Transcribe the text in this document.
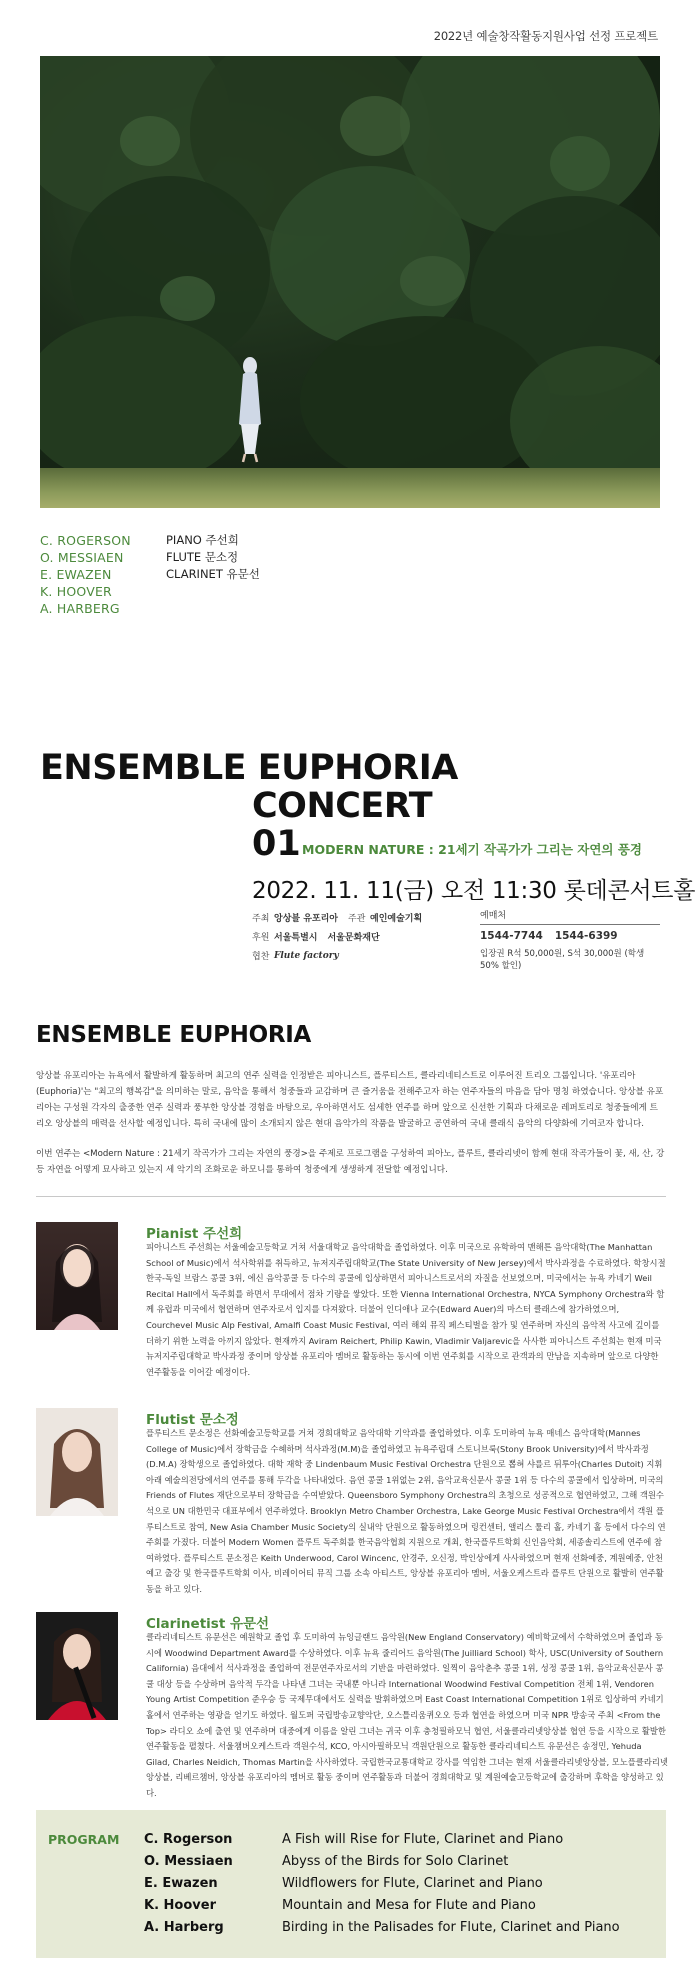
2022년 예술창작활동지원사업 선정 프로젝트
C. ROGERSON
O. MESSIAEN
E. EWAZEN
K. HOOVER
A. HARBERG
PIANO 주선희
FLUTE 문소정
CLARINET 유문선
ENSEMBLE EUPHORIA
CONCERT
01 MODERN NATURE : 21세기 작곡가가 그리는 자연의 풍경
2022. 11. 11(금) 오전 11:30 롯데콘서트홀
주최 앙상블 유포리아 주관 예인예술기획
후원 서울특별시 서울문화재단
협찬 Flute factory
예매처
1544-7744 1544-6399
입장권 R석 50,000원, S석 30,000원 (학생 50% 할인)
ENSEMBLE EUPHORIA

앙상블 유포리아는 뉴욕에서 활발하게 활동하며 최고의 연주 실력을 인정받은 피아니스트, 플루티스트, 클라리네티스트로 이루어진 트리오 그룹입니다. '유포리아(Euphoria)'는 "최고의 행복감"을 의미하는 말로, 음악을 통해서 청중들과 교감하며 큰 즐거움을 전해주고자 하는 연주자들의 마음을 담아 명칭 하였습니다. 앙상블 유포리아는 구성원 각자의 출중한 연주 실력과 풍부한 앙상블 경험을 바탕으로, 우아하면서도 섬세한 연주를 하며 앞으로 신선한 기획과 다채로운 레퍼토리로 청중들에게 트리오 앙상블의 매력을 선사할 예정입니다. 특히 국내에 많이 소개되지 않은 현대 음악가의 작품을 발굴하고 공연하여 국내 클래식 음악의 다양화에 기여코자 합니다.

이번 연주는 <Modern Nature : 21세기 작곡가가 그리는 자연의 풍경>을 주제로 프로그램을 구성하여 피아노, 플루트, 클라리넷이 함께 현대 작곡가들이 꽃, 새, 산, 강 등 자연을 어떻게 묘사하고 있는지 세 악기의 조화로운 하모니를 통하여 청중에게 생생하게 전달할 예정입니다.

Pianist 주선희

피아니스트 주선희는 서울예술고등학교 거쳐 서울대학교 음악대학을 졸업하였다. 이후 미국으로 유학하여 맨해튼 음악대학(The Manhattan School of Music)에서 석사학위를 취득하고, 뉴저지주립대학교(The State University of New Jersey)에서 박사과정을 수료하였다. 학창시절 한국-독일 브람스 콩쿨 3위, 에신 음악콩쿨 등 다수의 콩쿨에 입상하면서 피아니스트로서의 자질을 선보였으며, 미국에서는 뉴욕 카네기 Weil Recital Hall에서 독주회를 하면서 무대에서 점차 기량을 쌓았다. 또한 Vienna International Orchestra, NYCA Symphony Orchestra와 함께 유럽과 미국에서 협연하며 연주자로서 입지를 다져왔다. 더불어 인디애나 교수(Edward Auer)의 마스터 클래스에 참가하였으며, Courchevel Music Alp Festival, Amalfi Coast Music Festival, 여러 해외 뮤직 페스티벌을 참가 및 연주하며 자신의 음악적 사고에 깊이를 더하기 위한 노력을 아끼지 않았다. 현재까지 Aviram Reichert, Philip Kawin, Vladimir Valjarevic을 사사한 피아니스트 주선희는 현재 미국 뉴저지주립대학교 박사과정 중이며 앙상블 유포리아 멤버로 활동하는 동시에 이번 연주회를 시작으로 관객과의 만남을 지속하며 앞으로 다양한 연주활동을 이어갈 예정이다.

Flutist 문소정

플루티스트 문소정은 선화예술고등학교를 거쳐 경희대학교 음악대학 기악과를 졸업하였다. 이후 도미하여 뉴욕 매네스 음악대학(Mannes College of Music)에서 장학금을 수혜하며 석사과정(M.M)을 졸업하였고 뉴욕주립대 스토니브룩(Stony Brook University)에서 박사과정(D.M.A) 장학생으로 졸업하였다. 대학 재학 중 Lindenbaum Music Festival Orchestra 단원으로 뽑혀 샤를르 뒤투아(Charles Dutoit) 지휘 아래 예술의전당에서의 연주를 통해 두각을 나타내었다. 음연 콩쿨 1위없는 2위, 음악교육신문사 콩쿨 1위 등 다수의 콩쿨에서 입상하며, 미국의 Friends of Flutes 재단으로부터 장학금을 수여받았다. Queensboro Symphony Orchestra의 초청으로 성공적으로 협연하였고, 그해 객원수석으로 UN 대한민국 대표부에서 연주하였다. Brooklyn Metro Chamber Orchestra, Lake George Music Festival Orchestra에서 객원 플루티스트로 참여, New Asia Chamber Music Society의 실내악 단원으로 활동하였으며 링컨센터, 앨리스 툴리 홀, 카네기 홀 등에서 다수의 연주회를 가졌다. 더불어 Modern Women 플루트 독주회를 한국음악협회 지원으로 개최, 한국플루트학회 신인음악회, 세종솔리스트에 연주에 참여하였다. 플루티스트 문소정은 Keith Underwood, Carol Wincenc, 안경주, 오신정, 박인상에게 사사하였으며 현재 선화예중, 계원예중, 안천예고 출강 및 한국플루트학회 이사, 비레이어티 뮤직 그룹 소속 아티스트, 앙상블 유포리아 멤버, 서울오케스트라 플루트 단원으로 활발히 연주활동을 하고 있다.

Clarinetist 유문선

클라리네티스트 유문선은 예원학교 졸업 후 도미하여 뉴잉글랜드 음악원(New England Conservatory) 예비학교에서 수학하였으며 졸업과 동시에 Woodwind Department Award를 수상하였다. 이후 뉴욕 줄리어드 음악원(The Juilliard School) 학사, USC(University of Southern California) 음대에서 석사과정을 졸업하여 전문연주자로서의 기반을 마련하였다. 일찍이 음악춘추 콩쿨 1위, 성정 콩쿨 1위, 음악교육신문사 콩쿨 대상 등을 수상하며 음악적 두각을 나타낸 그녀는 국내뿐 아니라 International Woodwind Festival Competition 전체 1위, Vendoren Young Artist Competition 준우승 등 국제무대에서도 실력을 발휘하였으며 East Coast International Competition 1위로 입상하여 카네기 홀에서 연주하는 영광을 얻기도 하였다. 월도퍼 국립방송교향악단, 오스틀리움퀴오오 등과 협연을 하였으며 미국 NPR 방송국 주최 <From the Top> 라디오 쇼에 출연 및 연주하며 대중에게 이름을 알린 그녀는 귀국 이후 충청필하모닉 협연, 서울클라리넷앙상블 협연 등을 시작으로 활발한 연주활동을 펼쳤다. 서울챔버오케스트라 객원수석, KCO, 아시아필하모닉 객원단원으로 활동한 클라리네티스트 유문선은 송정민, Yehuda Gilad, Charles Neidich, Thomas Martin을 사사하였다. 국립한국교통대학교 강사를 역임한 그녀는 현재 서울클라리넷앙상블, 모노플클라리넷앙상블, 리베르챔버, 앙상블 유포리아의 멤버로 활동 중이며 연주활동과 더불어 경희대학교 및 계원예술고등학교에 출강하며 후학을 양성하고 있다.

PROGRAM C. Rogerson	A Fish will Rise for Flute, Clarinet and Piano
O. Messiaen	Abyss of the Birds for Solo Clarinet
E. Ewazen	Wildflowers for Flute, Clarinet and Piano
K. Hoover	Mountain and Mesa for Flute and Piano
A. Harberg	Birding in the Palisades for Flute, Clarinet and Piano
